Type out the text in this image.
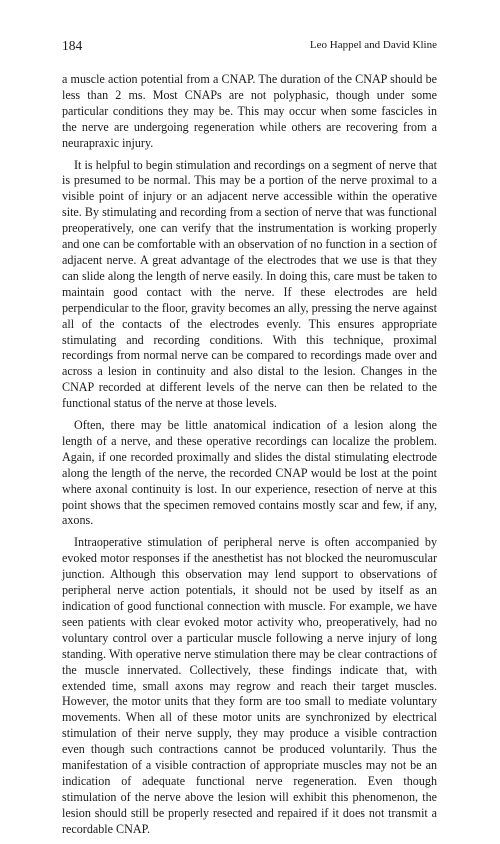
184	Leo Happel and David Kline

a muscle action potential from a CNAP. The duration of the CNAP should be less than 2 ms. Most CNAPs are not polyphasic, though under some particular conditions they may be. This may occur when some fascicles in the nerve are undergoing regeneration while others are recovering from a neurapraxic injury.

It is helpful to begin stimulation and recordings on a segment of nerve that is presumed to be normal. This may be a portion of the nerve proximal to a visible point of injury or an adjacent nerve accessible within the operative site. By stimulating and recording from a section of nerve that was functional preoperatively, one can verify that the instrumentation is working properly and one can be comfortable with an observation of no function in a section of adjacent nerve. A great advantage of the electrodes that we use is that they can slide along the length of nerve easily. In doing this, care must be taken to maintain good contact with the nerve. If these electrodes are held perpendicular to the floor, gravity becomes an ally, pressing the nerve against all of the contacts of the electrodes evenly. This ensures appropriate stimulating and recording conditions. With this technique, proximal recordings from normal nerve can be compared to recordings made over and across a lesion in continuity and also distal to the lesion. Changes in the CNAP recorded at different levels of the nerve can then be related to the functional status of the nerve at those levels.

Often, there may be little anatomical indication of a lesion along the length of a nerve, and these operative recordings can localize the problem. Again, if one recorded proximally and slides the distal stimulating electrode along the length of the nerve, the recorded CNAP would be lost at the point where axonal continuity is lost. In our experience, resection of nerve at this point shows that the specimen removed contains mostly scar and few, if any, axons.

Intraoperative stimulation of peripheral nerve is often accompanied by evoked motor responses if the anesthetist has not blocked the neuromuscular junction. Although this observation may lend support to observations of peripheral nerve action potentials, it should not be used by itself as an indication of good functional connection with muscle. For example, we have seen patients with clear evoked motor activity who, preoperatively, had no voluntary control over a particular muscle following a nerve injury of long standing. With operative nerve stimulation there may be clear contractions of the muscle innervated. Collectively, these findings indicate that, with extended time, small axons may regrow and reach their target muscles. However, the motor units that they form are too small to mediate voluntary movements. When all of these motor units are synchronized by electrical stimulation of their nerve supply, they may produce a visible contraction even though such contractions cannot be produced voluntarily. Thus the manifestation of a visible contraction of appropriate muscles may not be an indication of adequate functional nerve regeneration. Even though stimulation of the nerve above the lesion will exhibit this phenomenon, the lesion should still be properly resected and repaired if it does not transmit a recordable CNAP.
